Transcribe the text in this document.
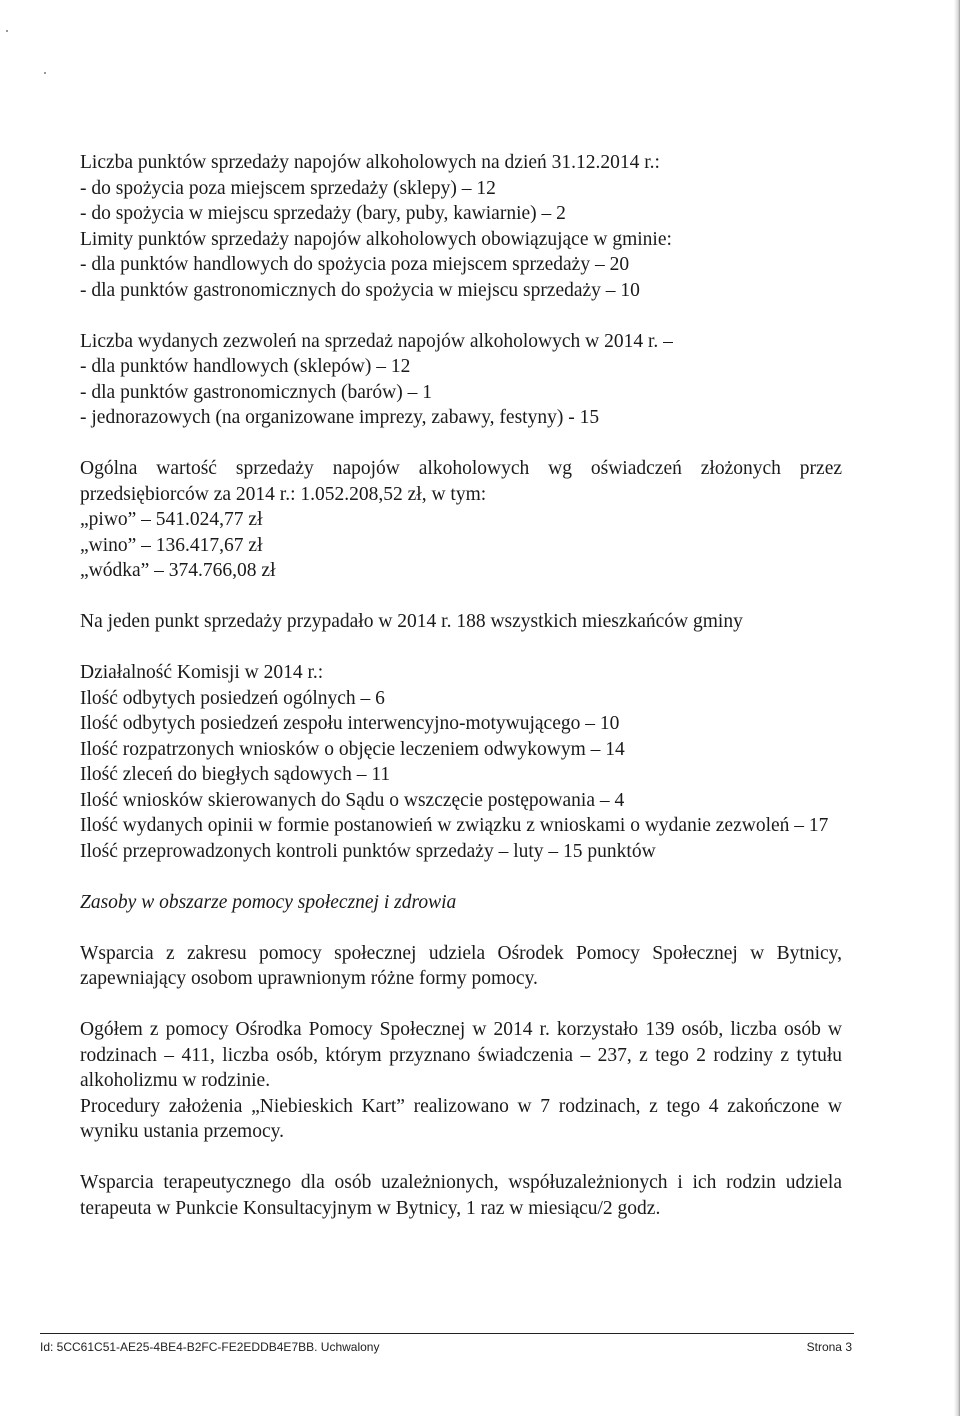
Liczba punktów sprzedaży napojów alkoholowych na dzień 31.12.2014 r.:
- do spożycia poza miejscem sprzedaży (sklepy) – 12
- do spożycia w miejscu sprzedaży (bary, puby, kawiarnie) – 2
Limity punktów sprzedaży napojów alkoholowych obowiązujące w gminie:
- dla punktów handlowych do spożycia poza miejscem sprzedaży – 20
- dla punktów gastronomicznych do spożycia w miejscu sprzedaży – 10
Liczba wydanych zezwoleń na sprzedaż napojów alkoholowych w 2014 r. –
- dla punktów handlowych (sklepów) – 12
- dla punktów gastronomicznych (barów) – 1
- jednorazowych (na organizowane imprezy, zabawy, festyny) - 15
Ogólna wartość sprzedaży napojów alkoholowych wg oświadczeń złożonych przez przedsiębiorców za 2014 r.: 1.052.208,52 zł, w tym:
„piwo” – 541.024,77 zł
„wino” – 136.417,67 zł
„wódka” – 374.766,08 zł
Na jeden punkt sprzedaży przypadało w 2014 r. 188 wszystkich mieszkańców gminy
Działalność Komisji w 2014 r.:
Ilość odbytych posiedzeń ogólnych – 6
Ilość odbytych posiedzeń zespołu interwencyjno-motywującego – 10
Ilość rozpatrzonych wniosków o objęcie leczeniem odwykowym – 14
Ilość zleceń do biegłych sądowych – 11
Ilość wniosków skierowanych do Sądu o wszczęcie postępowania – 4
Ilość wydanych opinii w formie postanowień w związku z wnioskami o wydanie zezwoleń – 17
Ilość przeprowadzonych kontroli punktów sprzedaży – luty – 15 punktów
Zasoby w obszarze pomocy społecznej i zdrowia
Wsparcia z zakresu pomocy społecznej udziela Ośrodek Pomocy Społecznej w Bytnicy, zapewniający osobom uprawnionym różne formy pomocy.
Ogółem z pomocy Ośrodka Pomocy Społecznej w 2014 r. korzystało 139 osób, liczba osób w rodzinach – 411, liczba osób, którym przyznano świadczenia – 237, z tego 2 rodziny z tytułu alkoholizmu w rodzinie.
Procedury założenia „Niebieskich Kart” realizowano w 7 rodzinach, z tego 4 zakończone w wyniku ustania przemocy.
Wsparcia terapeutycznego dla osób uzależnionych, współuzależnionych i ich rodzin udziela terapeuta w Punkcie Konsultacyjnym w Bytnicy, 1 raz w miesiącu/2 godz.
Id: 5CC61C51-AE25-4BE4-B2FC-FE2EDDB4E7BB. Uchwalony	Strona 3
